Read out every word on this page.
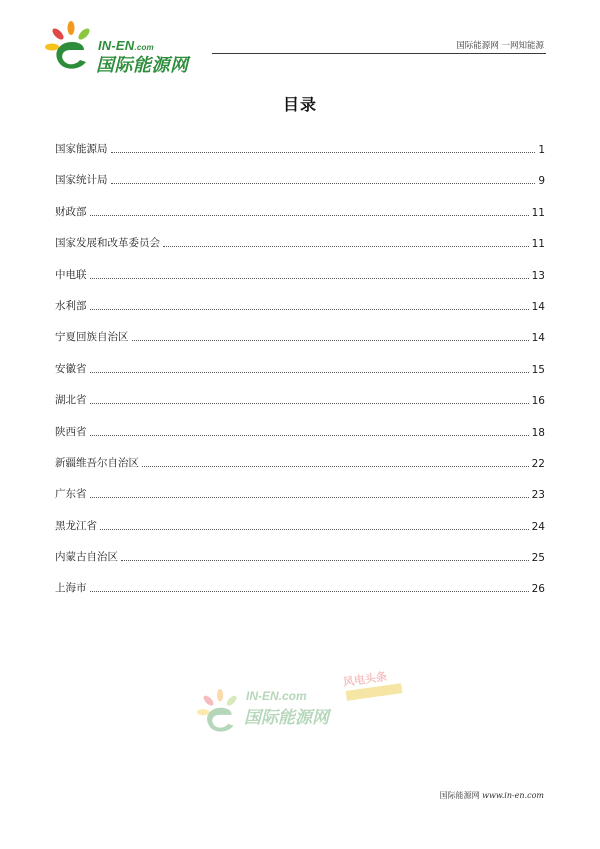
IN-EN.com
国际能源网
国际能源网 一网知能源
目录
国家能源局	1
国家统计局	9
财政部	11
国家发展和改革委员会	11
中电联	13
水利部	14
宁夏回族自治区	14
安徽省	15
湖北省	16
陕西省	18
新疆维吾尔自治区	22
广东省	23
黑龙江省	24
内蒙古自治区	25
上海市	26
IN-EN.com
国际能源网
风电头条
国际能源网 www.in-en.com
